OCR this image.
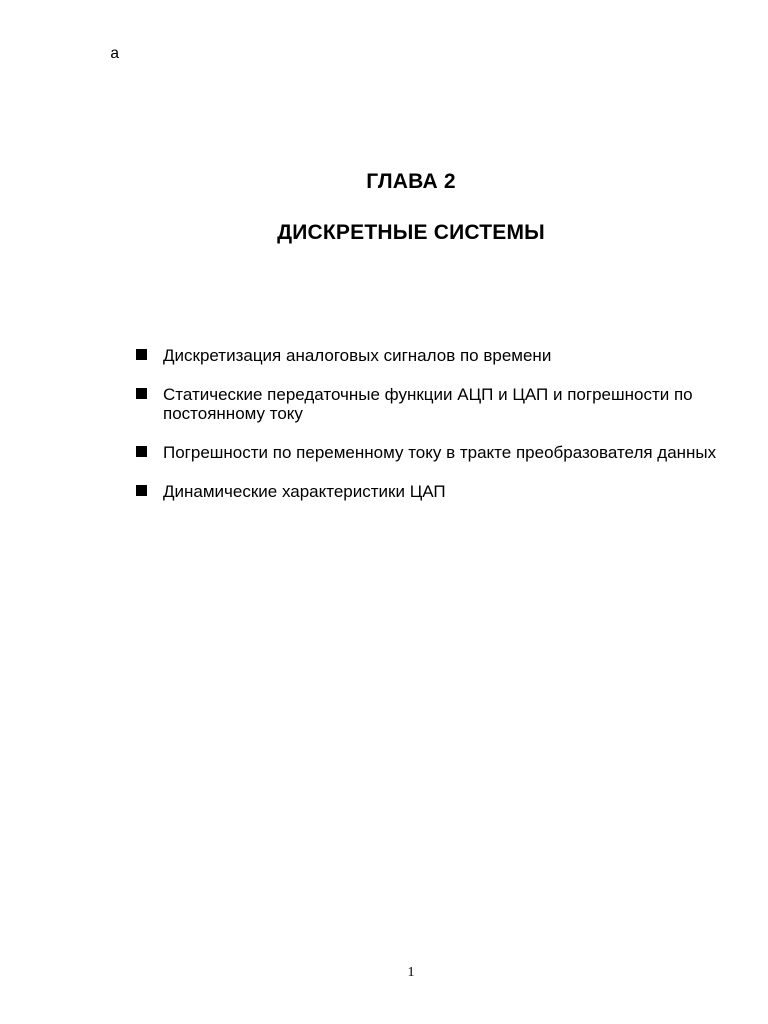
a
ГЛАВА 2
ДИСКРЕТНЫЕ СИСТЕМЫ
Дискретизация аналоговых сигналов по времени
Статические передаточные функции АЦП и ЦАП и погрешности по постоянному току
Погрешности по переменному току в тракте преобразователя данных
Динамические характеристики ЦАП
1
